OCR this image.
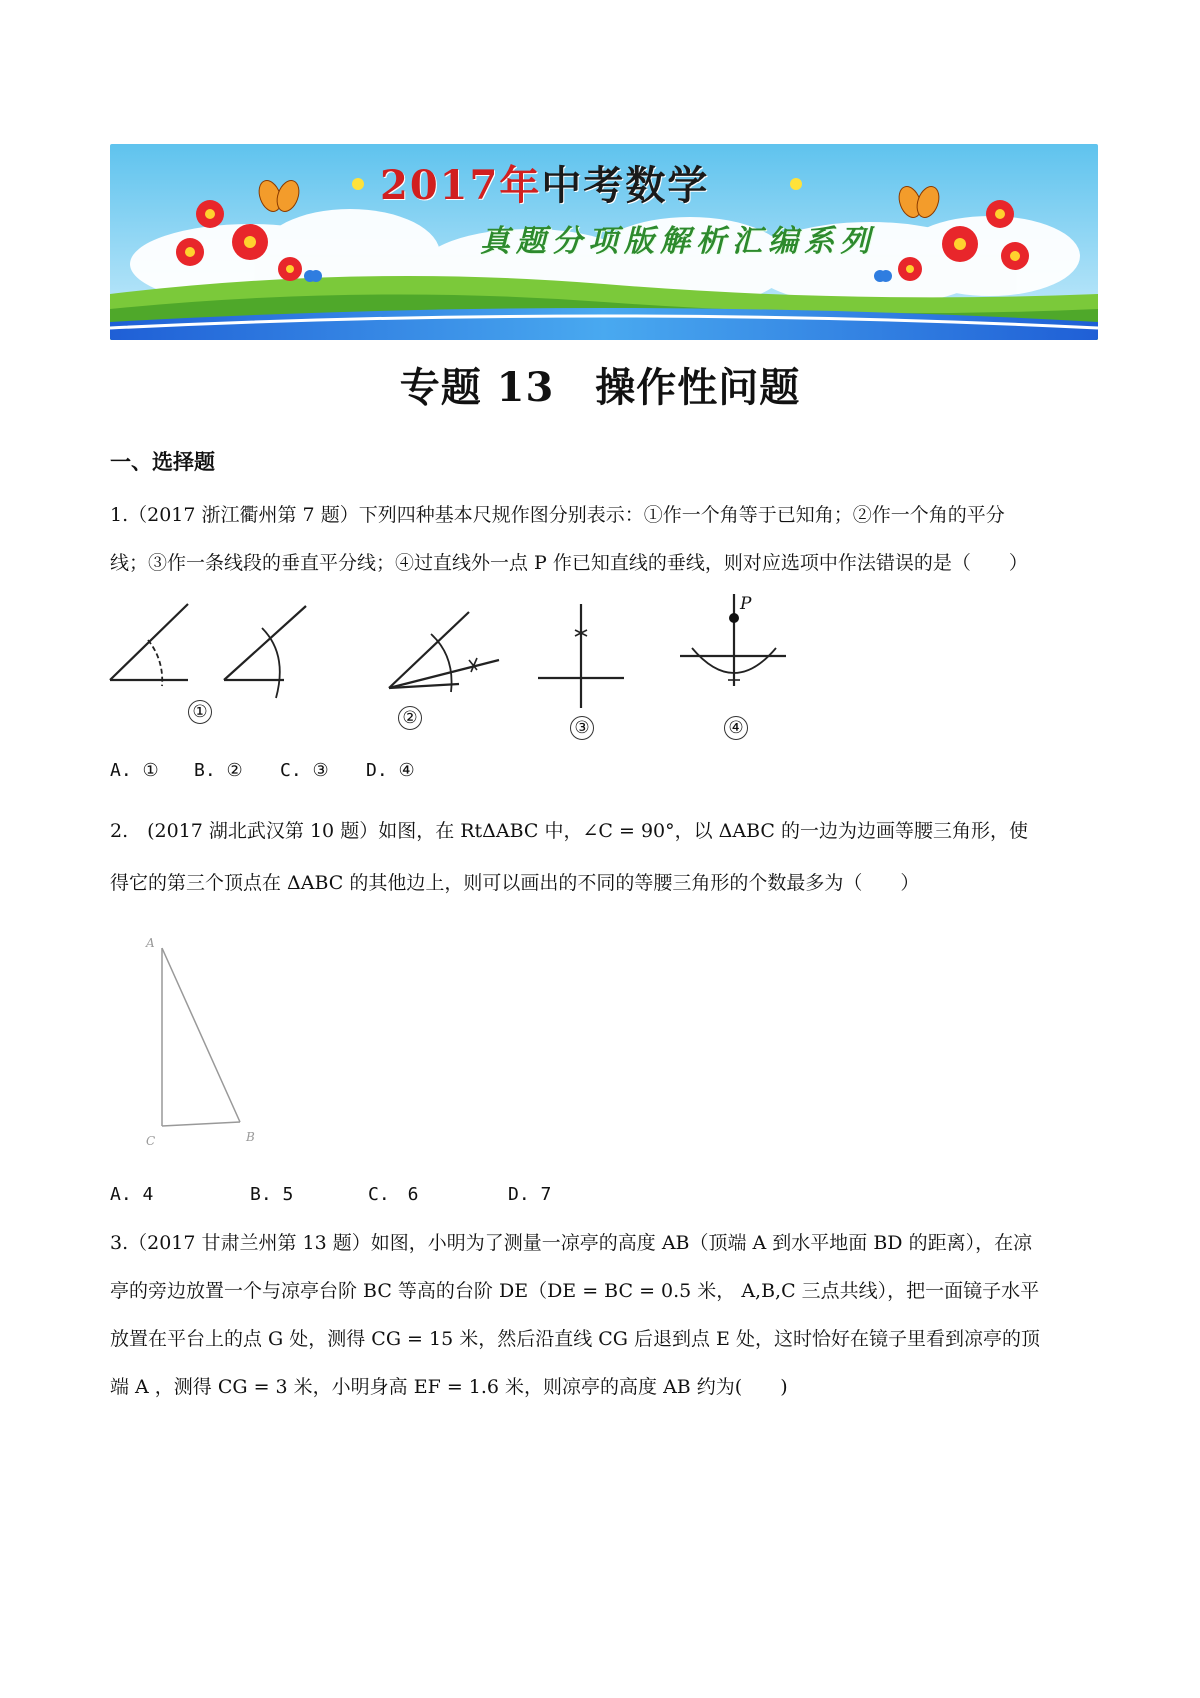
2017年中考数学
真题分项版解析汇编系列
专题 13　操作性问题
一、选择题
1.（2017 浙江衢州第 7 题）下列四种基本尺规作图分别表示：①作一个角等于已知角；②作一个角的平分
线；③作一条线段的垂直平分线；④过直线外一点 P 作已知直线的垂线，则对应选项中作法错误的是（　　）
①	②	③
P
④
A. ① B. ② C. ③ D. ④
2.　(2017 湖北武汉第 10 题）如图，在 RtΔABC 中，∠C = 90°，以 ΔABC 的一边为边画等腰三角形，使
得它的第三个顶点在 ΔABC 的其他边上，则可以画出的不同的等腰三角形的个数最多为（　　）
A
C	B
A. 4	B. 5	C.　6	D. 7
3.（2017 甘肃兰州第 13 题）如图，小明为了测量一凉亭的高度 AB（顶端 A 到水平地面 BD 的距离），在凉
亭的旁边放置一个与凉亭台阶 BC 等高的台阶 DE（DE = BC = 0.5 米， A,B,C 三点共线），把一面镜子水平
放置在平台上的点 G 处，测得 CG = 15 米，然后沿直线 CG 后退到点 E 处，这时恰好在镜子里看到凉亭的顶
端 A ，测得 CG = 3 米，小明身高 EF = 1.6 米，则凉亭的高度 AB 约为(　　)
